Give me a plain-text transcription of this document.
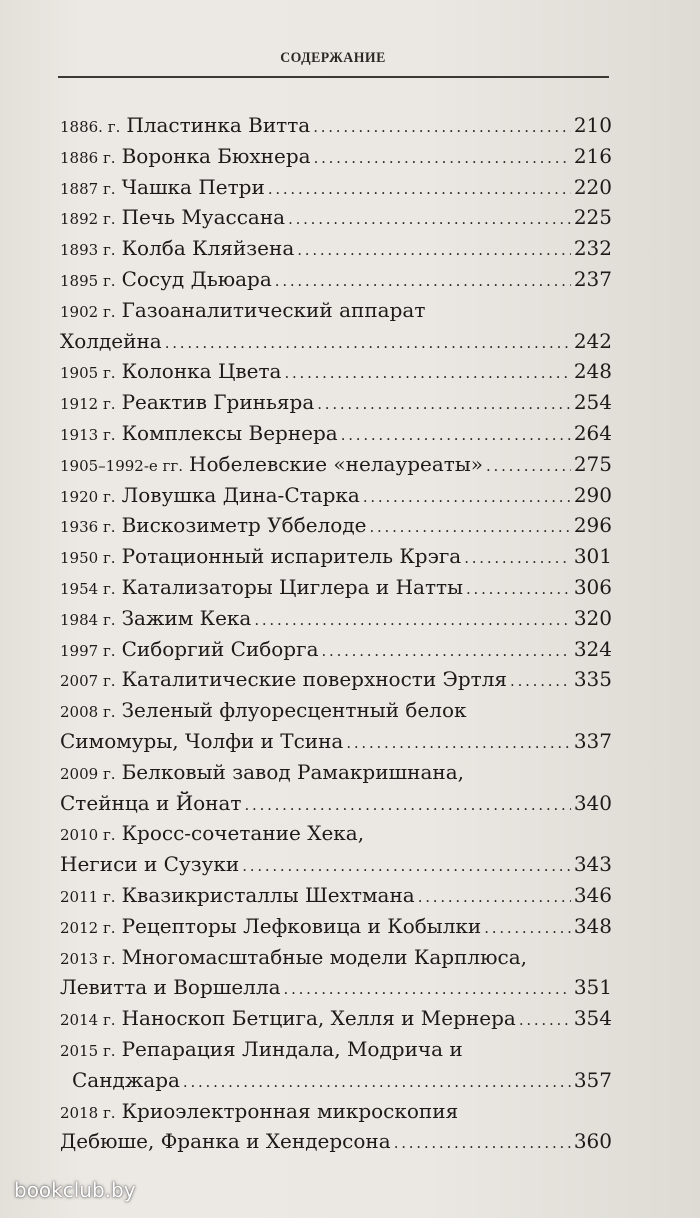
СОДЕРЖАНИЕ
1886. г. Пластинка Витта . . .	210
1886 г. Воронка Бюхнера . . .	216
1887 г. Чашка Петри . . .	220
1892 г. Печь Муассана . . .	225
1893 г. Колба Кляйзена . . .	232
1895 г. Сосуд Дьюара . . .	237
1902 г. Газоаналитический аппарат
Холдейна . . .	242
1905 г. Колонка Цвета . . .	248
1912 г. Реактив Гриньяра . . .	254
1913 г. Комплексы Вернера . . .	264
1905–1992-е гг. Нобелевские «нелауреаты» . . .	275
1920 г. Ловушка Дина-Старка . . .	290
1936 г. Вискозиметр Уббелоде . . .	296
1950 г. Ротационный испаритель Крэга . . .	301
1954 г. Катализаторы Циглера и Натты . . .	306
1984 г. Зажим Кека . . .	320
1997 г. Сиборгий Сиборга . . .	324
2007 г. Каталитические поверхности Эртля . . .	335
2008 г. Зеленый флуоресцентный белок
Симомуры, Чолфи и Тсина . . .	337
2009 г. Белковый завод Рамакришнана,
Стейнца и Йонат . . .	340
2010 г. Кросс-сочетание Хека,
Негиси и Сузуки . . .	343
2011 г. Квазикристаллы Шехтмана . . .	346
2012 г. Рецепторы Лефковица и Кобылки . . .	348
2013 г. Многомасштабные модели Карплюса,
Левитта и Воршелла . . .	351
2014 г. Наноскоп Бетцига, Хелля и Мернера . . .	354
2015 г. Репарация Линдала, Модрича и
Санджара . . .	357
2018 г. Криоэлектронная микроскопия
Дебюше, Франка и Хендерсона . . .	360
bookclub.by
